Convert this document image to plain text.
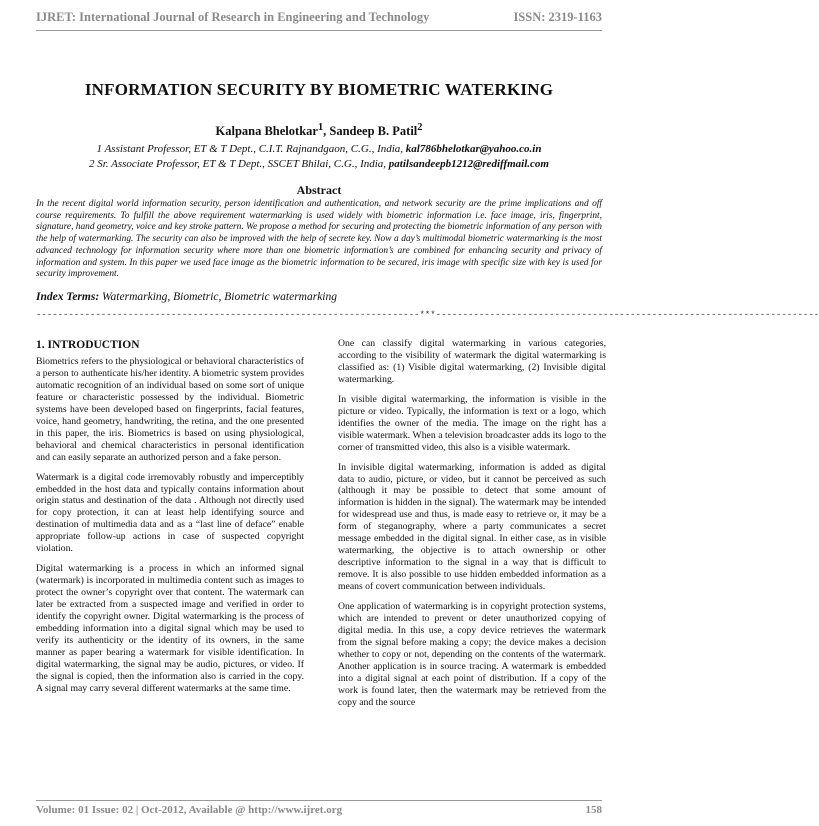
IJRET: International Journal of Research in Engineering and Technology	ISSN: 2319-1163
INFORMATION SECURITY BY BIOMETRIC WATERKING
Kalpana Bhelotkar$^1$, Sandeep B. Patil$^2$
1 Assistant Professor, ET & T Dept., C.I.T. Rajnandgaon, C.G., India, kal786bhelotkar@yahoo.co.in
2 Sr. Associate Professor, ET & T Dept., SSCET Bhilai, C.G., India, patilsandeepb1212@rediffmail.com
Abstract
In the recent digital world information security, person identification and authentication, and network security are the prime implications and off course requirements. To fulfill the above requirement watermarking is used widely with biometric information i.e. face image, iris, fingerprint, signature, hand geometry, voice and key stroke pattern. We propose a method for securing and protecting the biometric information of any person with the help of watermarking. The security can also be improved with the help of secrete key. Now a day’s multimodal biometric watermarking is the most advanced technology for information security where more than one biometric information’s are combined for enhancing security and privacy of information and system. In this paper we used face image as the biometric information to be secured, iris image with specific size with key is used for security improvement.
Index Terms: Watermarking, Biometric, Biometric watermarking
-----------------------------------------------------------------------***-----------------------------------------------------------------------
1. INTRODUCTION

Biometrics refers to the physiological or behavioral characteristics of a person to authenticate his/her identity. A biometric system provides automatic recognition of an individual based on some sort of unique feature or characteristic possessed by the individual. Biometric systems have been developed based on fingerprints, facial features, voice, hand geometry, handwriting, the retina, and the one presented in this paper, the iris. Biometrics is based on using physiological, behavioral and chemical characteristics in personal identification and can easily separate an authorized person and a fake person.

Watermark is a digital code irremovably robustly and imperceptibly embedded in the host data and typically contains information about origin status and destination of the data . Although not directly used for copy protection, it can at least help identifying source and destination of multimedia data and as a “last line of deface” enable appropriate follow-up actions in case of suspected copyright violation.

Digital watermarking is a process in which an informed signal (watermark) is incorporated in multimedia content such as images to protect the owner’s copyright over that content. The watermark can later be extracted from a suspected image and verified in order to identify the copyright owner. Digital watermarking is the process of embedding information into a digital signal which may be used to verify its authenticity or the identity of its owners, in the same manner as paper bearing a watermark for visible identification. In digital watermarking, the signal may be audio, pictures, or video. If the signal is copied, then the information also is carried in the copy. A signal may carry several different watermarks at the same time.

One can classify digital watermarking in various categories, according to the visibility of watermark the digital watermarking is classified as: (1) Visible digital watermarking, (2) Invisible digital watermarking.

In visible digital watermarking, the information is visible in the picture or video. Typically, the information is text or a logo, which identifies the owner of the media. The image on the right has a visible watermark. When a television broadcaster adds its logo to the corner of transmitted video, this also is a visible watermark.

In invisible digital watermarking, information is added as digital data to audio, picture, or video, but it cannot be perceived as such (although it may be possible to detect that some amount of information is hidden in the signal). The watermark may be intended for widespread use and thus, is made easy to retrieve or, it may be a form of steganography, where a party communicates a secret message embedded in the digital signal. In either case, as in visible watermarking, the objective is to attach ownership or other descriptive information to the signal in a way that is difficult to remove. It is also possible to use hidden embedded information as a means of covert communication between individuals.

One application of watermarking is in copyright protection systems, which are intended to prevent or deter unauthorized copying of digital media. In this use, a copy device retrieves the watermark from the signal before making a copy; the device makes a decision whether to copy or not, depending on the contents of the watermark. Another application is in source tracing. A watermark is embedded into a digital signal at each point of distribution. If a copy of the work is found later, then the watermark may be retrieved from the copy and the source

Volume: 01 Issue: 02 | Oct-2012, Available @ http://www.ijret.org	158
